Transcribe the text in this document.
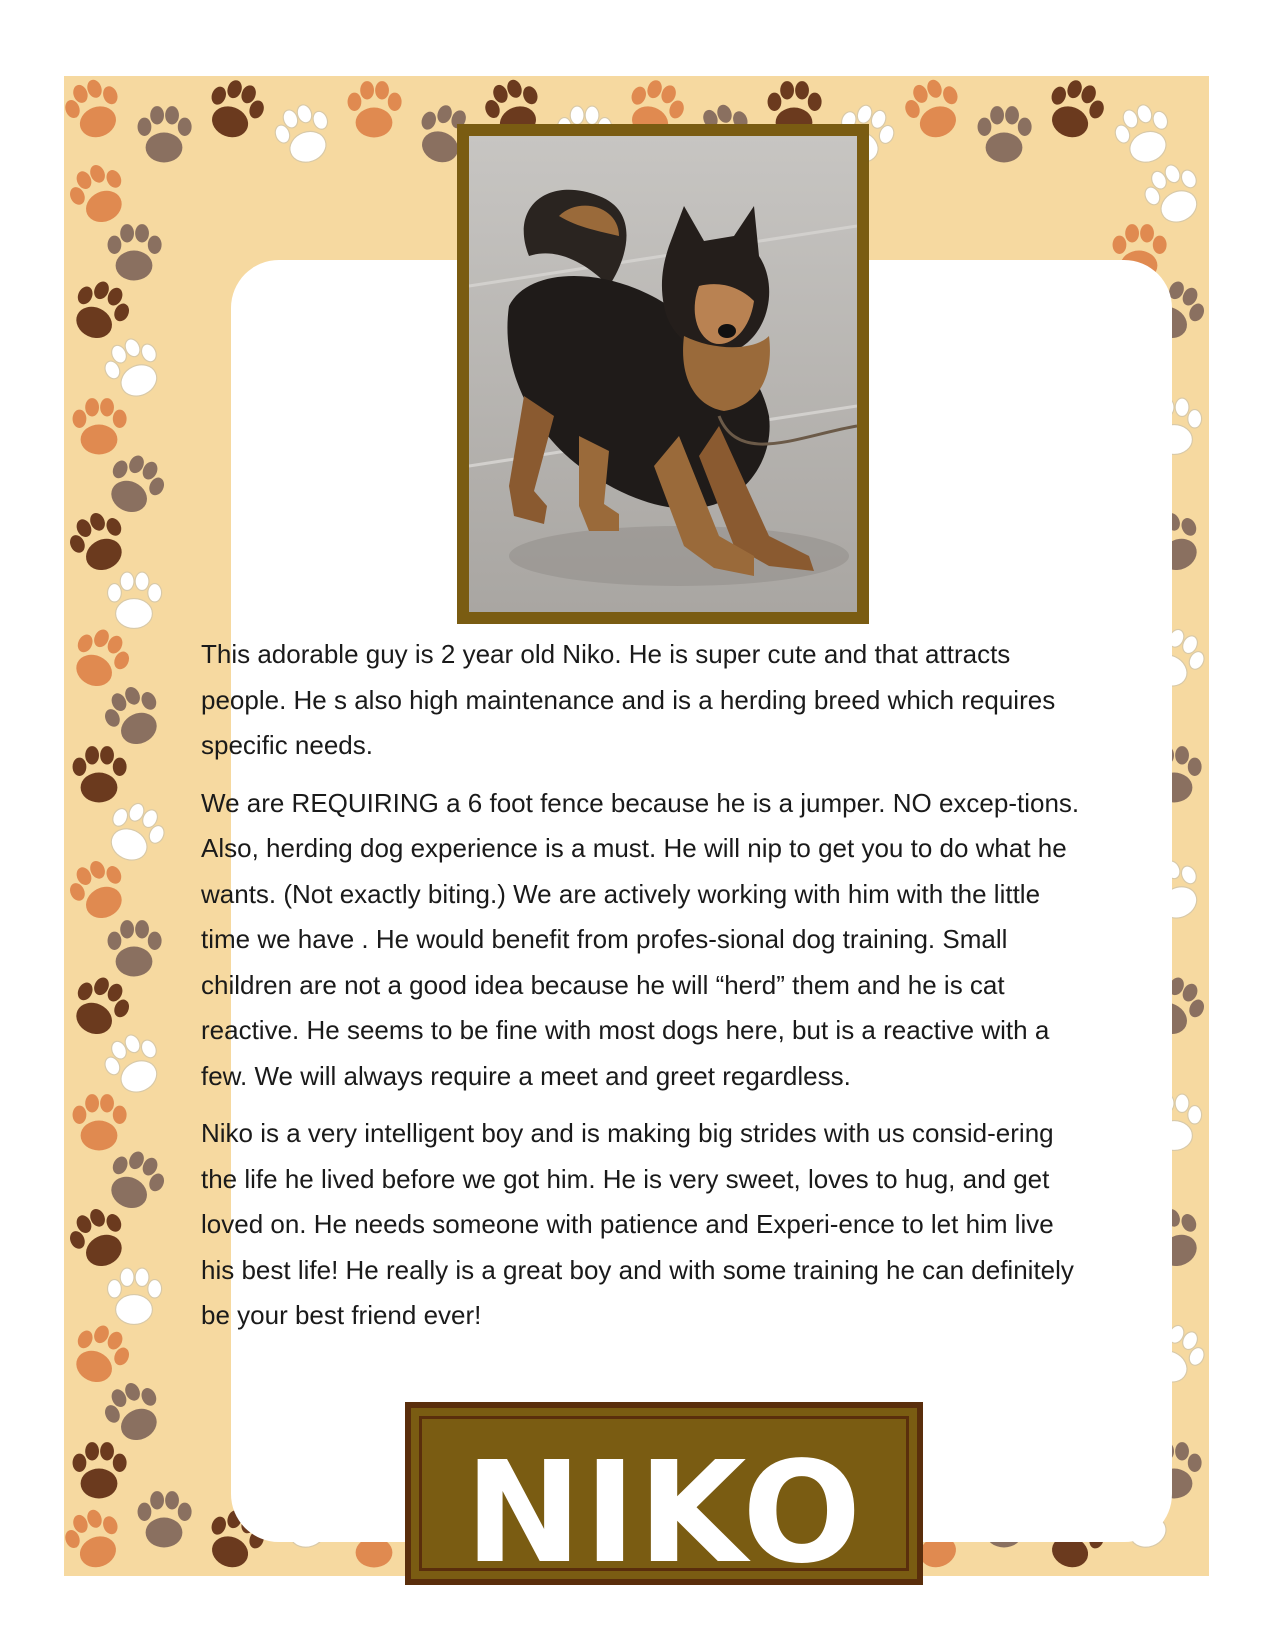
This adorable guy is 2 year old Niko. He is super cute and that attracts people. He s also high maintenance and is a herding breed which requires specific needs.

We are REQUIRING a 6 foot fence because he is a jumper. NO excep-tions. Also, herding dog experience is a must. He will nip to get you to do what he wants. (Not exactly biting.) We are actively working with him with the little time we have . He would benefit from profes-sional dog training. Small children are not a good idea because he will “herd” them and he is cat reactive. He seems to be fine with most dogs here, but is a reactive with a few. We will always require a meet and greet regardless.

Niko is a very intelligent boy and is making big strides with us consid-ering the life he lived before we got him. He is very sweet, loves to hug, and get loved on. He needs someone with patience and Experi-ence to let him live his best life! He really is a great boy and with some training he can definitely be your best friend ever!

NIKO
